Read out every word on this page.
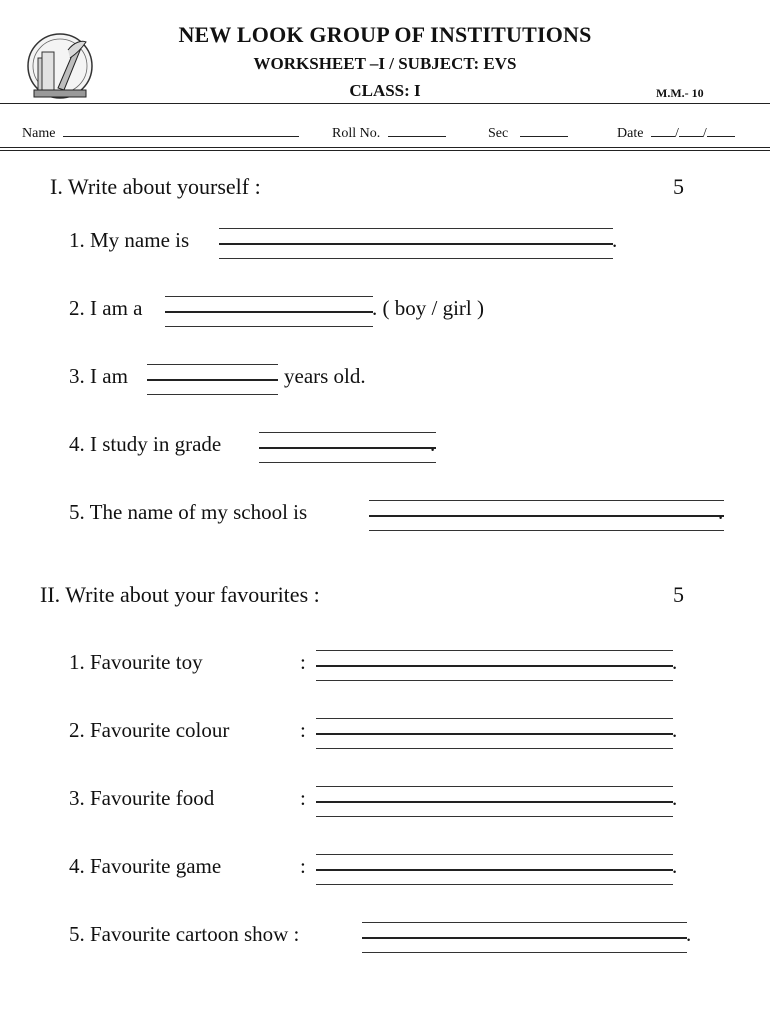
NEW LOOK GROUP OF INSTITUTIONS
WORKSHEET –I / SUBJECT: EVS
CLASS: I	M.M.- 10
Name	Roll No.	Sec	Date / /
I. Write about yourself :	5
1. My name is	.
2. I am a	. ( boy / girl )
3. I am	years old.
4. I study in grade	.
5. The name of my school is	.
II. Write about your favourites :	5
1. Favourite toy	:	.
2. Favourite colour	:	.
3. Favourite food	:	.
4. Favourite game	:	.
5. Favourite cartoon show :	.
